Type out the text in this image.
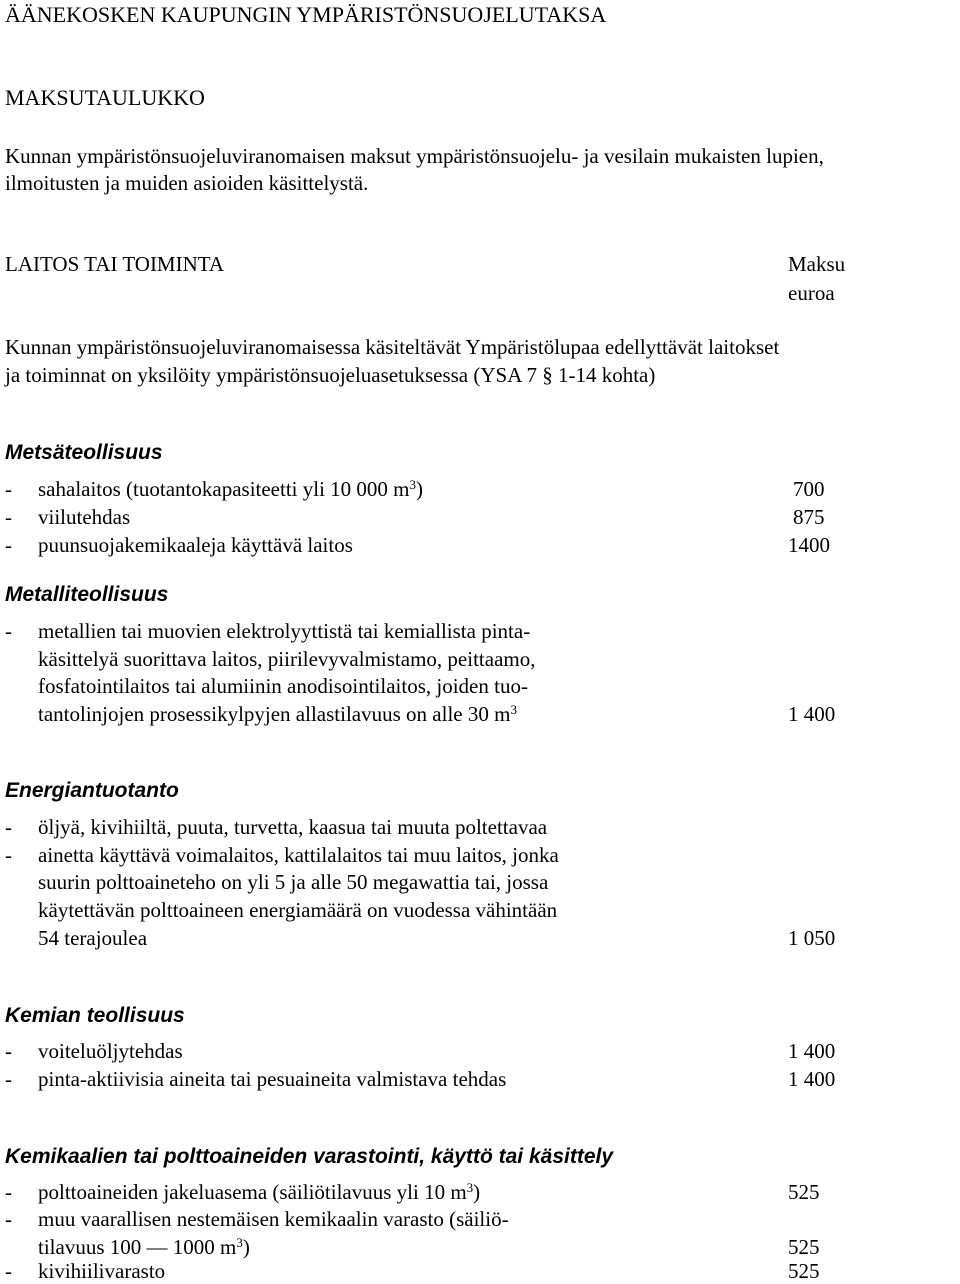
ÄÄNEKOSKEN KAUPUNGIN YMPÄRISTÖNSUOJELUTAKSA
MAKSUTAULUKKO
Kunnan ympäristönsuojeluviranomaisen maksut ympäristönsuojelu- ja vesilain mukaisten lupien,
ilmoitusten ja muiden asioiden käsittelystä.
LAITOS TAI TOIMINTA	Maksu
euroa
Kunnan ympäristönsuojeluviranomaisessa käsiteltävät Ympäristölupaa edellyttävät laitokset
ja toiminnat on yksilöity ympäristönsuojeluasetuksessa (YSA 7 § 1-14 kohta)
Metsäteollisuus
- sahalaitos (tuotantokapasiteetti yli 10 000 $m^3$)	700
- viilutehdas	875
- puunsuojakemikaaleja käyttävä laitos	1400
Metalliteollisuus
- metallien tai muovien elektrolyyttistä tai kemiallista pinta-
käsittelyä suorittava laitos, piirilevyvalmistamo, peittaamo,
fosfatointilaitos tai alumiinin anodisointilaitos, joiden tuo-
tantolinjojen prosessikylpyjen allastilavuus on alle 30 $m^3$	1 400
Energiantuotanto
- öljyä, kivihiiltä, puuta, turvetta, kaasua tai muuta poltettavaa
- ainetta käyttävä voimalaitos, kattilalaitos tai muu laitos, jonka
suurin polttoaineteho on yli 5 ja alle 50 megawattia tai, jossa
käytettävän polttoaineen energiamäärä on vuodessa vähintään
54 terajoulea	1 050
Kemian teollisuus
- voiteluöljytehdas	1 400
- pinta-aktiivisia aineita tai pesuaineita valmistava tehdas	1 400
Kemikaalien tai polttoaineiden varastointi, käyttö tai käsittely
- polttoaineiden jakeluasema (säiliötilavuus yli 10 $m^3$)	525
- muu vaarallisen nestemäisen kemikaalin varasto (säiliö-
tilavuus 100 — 1000 $m^3$)	525
- kivihiilivarasto	525
